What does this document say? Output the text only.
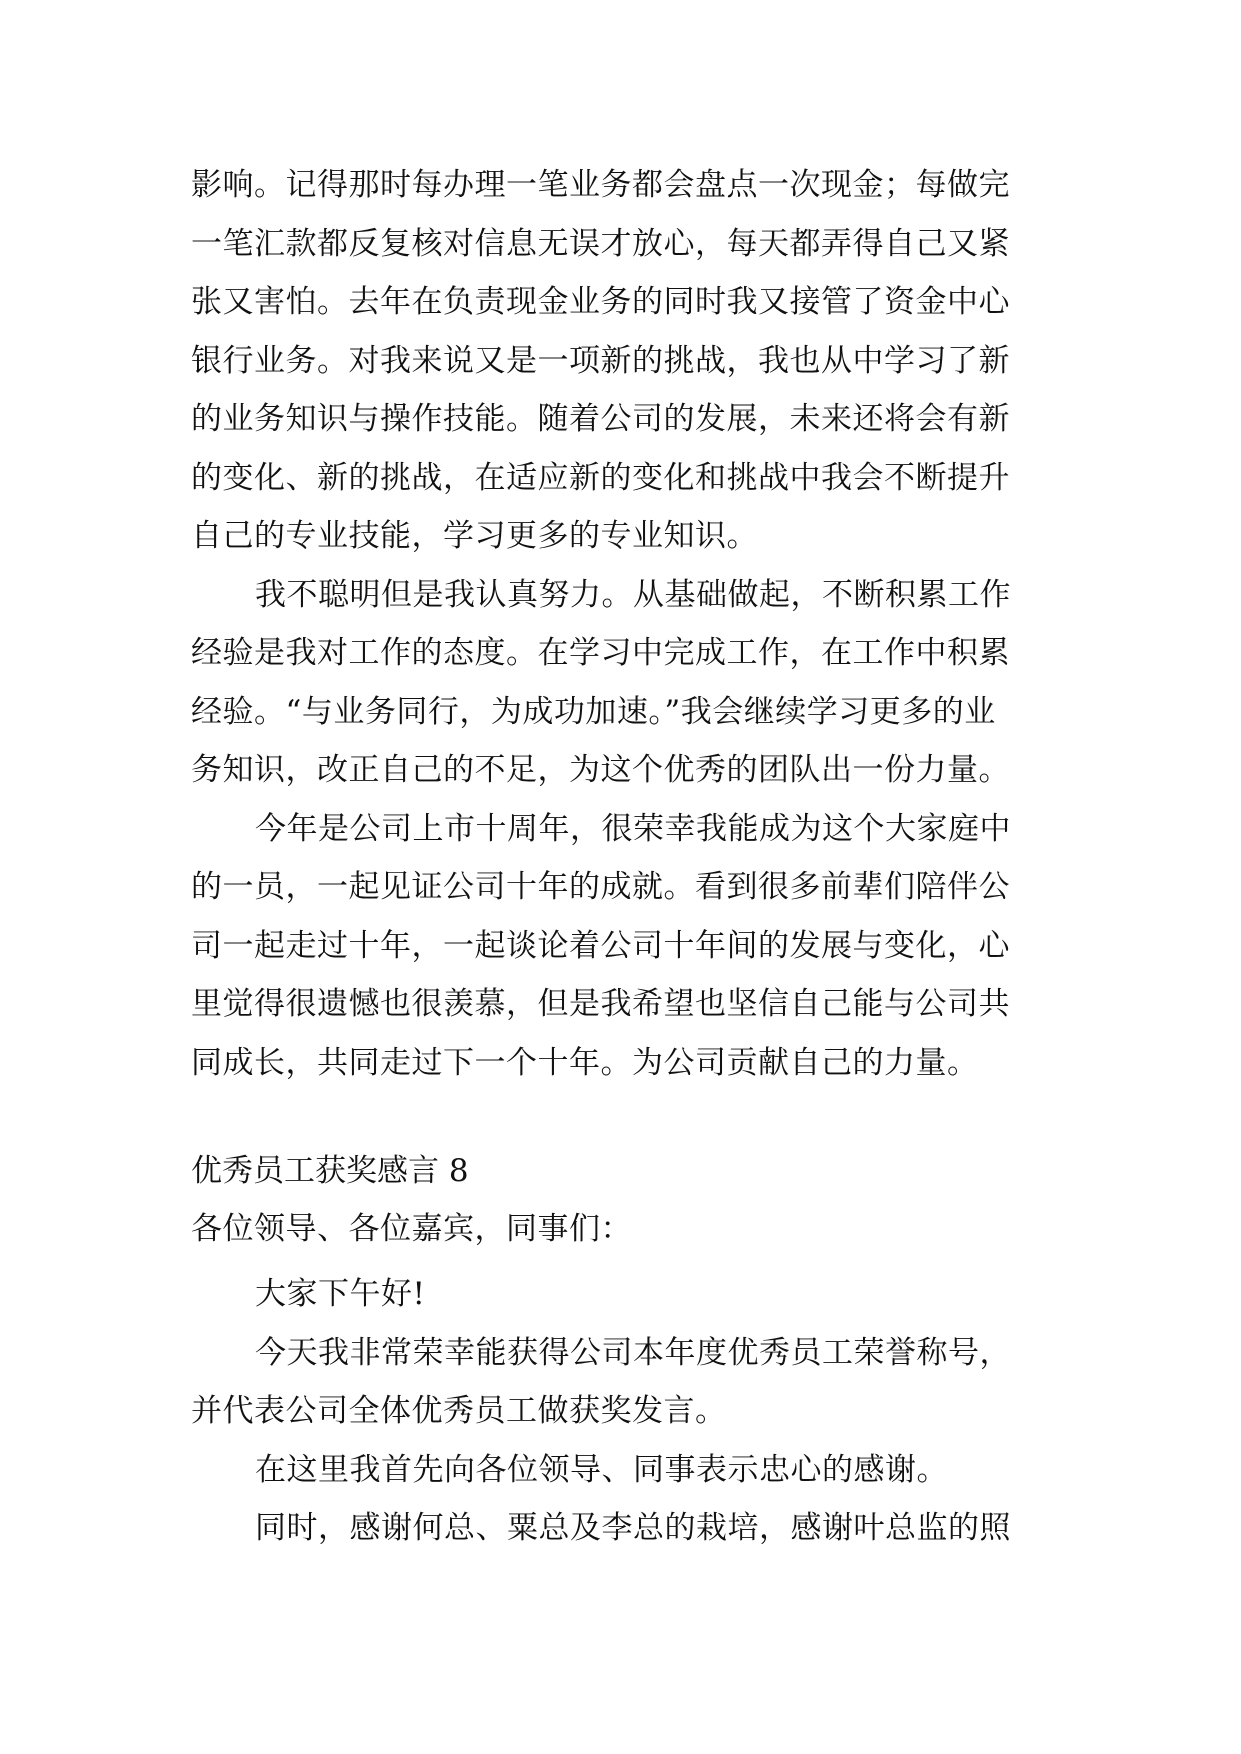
影响。记得那时每办理一笔业务都会盘点一次现金；每做完
一笔汇款都反复核对信息无误才放心，每天都弄得自己又紧
张又害怕。去年在负责现金业务的同时我又接管了资金中心
银行业务。对我来说又是一项新的挑战，我也从中学习了新
的业务知识与操作技能。随着公司的发展，未来还将会有新
的变化、新的挑战，在适应新的变化和挑战中我会不断提升
自己的专业技能，学习更多的专业知识。
我不聪明但是我认真努力。从基础做起，不断积累工作
经验是我对工作的态度。在学习中完成工作，在工作中积累
经验。“与业务同行，为成功加速。”我会继续学习更多的业
务知识，改正自己的不足，为这个优秀的团队出一份力量。
今年是公司上市十周年，很荣幸我能成为这个大家庭中
的一员，一起见证公司十年的成就。看到很多前辈们陪伴公
司一起走过十年，一起谈论着公司十年间的发展与变化，心
里觉得很遗憾也很羡慕，但是我希望也坚信自己能与公司共
同成长，共同走过下一个十年。为公司贡献自己的力量。
优秀员工获奖感言 8
各位领导、各位嘉宾，同事们：
大家下午好!
今天我非常荣幸能获得公司本年度优秀员工荣誉称号，
并代表公司全体优秀员工做获奖发言。
在这里我首先向各位领导、同事表示忠心的感谢。
同时，感谢何总、粟总及李总的栽培，感谢叶总监的照
